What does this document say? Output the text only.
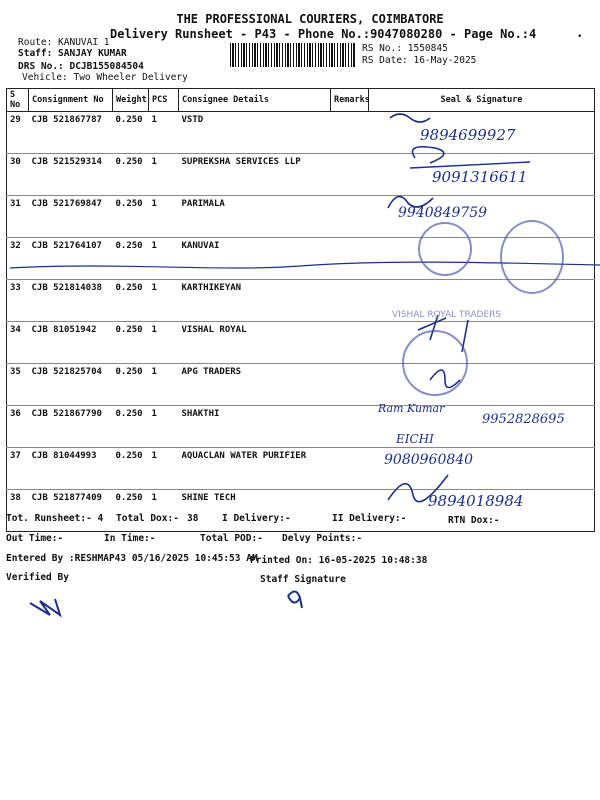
THE PROFESSIONAL COURIERS, COIMBATORE
Delivery Runsheet - P43 - Phone No.:9047080280 - Page No.:4
Route: KANUVAI 1
Staff: SANJAY KUMAR
DRS No.: DCJB155084504
Vehicle: Two Wheeler Delivery
RS No.: 1550845
RS Date: 16-May-2025
•
S No	Consignment No	Weight	PCS	Consignee Details	Remarks	Seal & Signature
29	CJB 521867787	0.250	1	VSTD		
30	CJB 521529314	0.250	1	SUPREKSHA SERVICES LLP		
31	CJB 521769847	0.250	1	PARIMALA		
32	CJB 521764107	0.250	1	KANUVAI		
33	CJB 521814038	0.250	1	KARTHIKEYAN		
34	CJB 81051942	0.250	1	VISHAL ROYAL		
35	CJB 521825704	0.250	1	APG TRADERS		
36	CJB 521867790	0.250	1	SHAKTHI		
37	CJB 81044993	0.250	1	AQUACLAN WATER PURIFIER		
38	CJB 521877409	0.250	1	SHINE TECH		
9894699927
9091316611
9940849759
Ram Kumar
9952828695
EICHI
9080960840
9894018984
VISHAL ROYAL TRADERS
Tot. Runsheet:- 4 Total Dox:- 38 I Delivery:-	II Delivery:-	RTN Dox:-
Out Time:-	In Time:-	Total POD:- Delvy Points:-
Entered By :RESHMAP43 05/16/2025 10:45:53 AM
Printed On: 16-05-2025 10:48:38
Verified By	Staff Signature
